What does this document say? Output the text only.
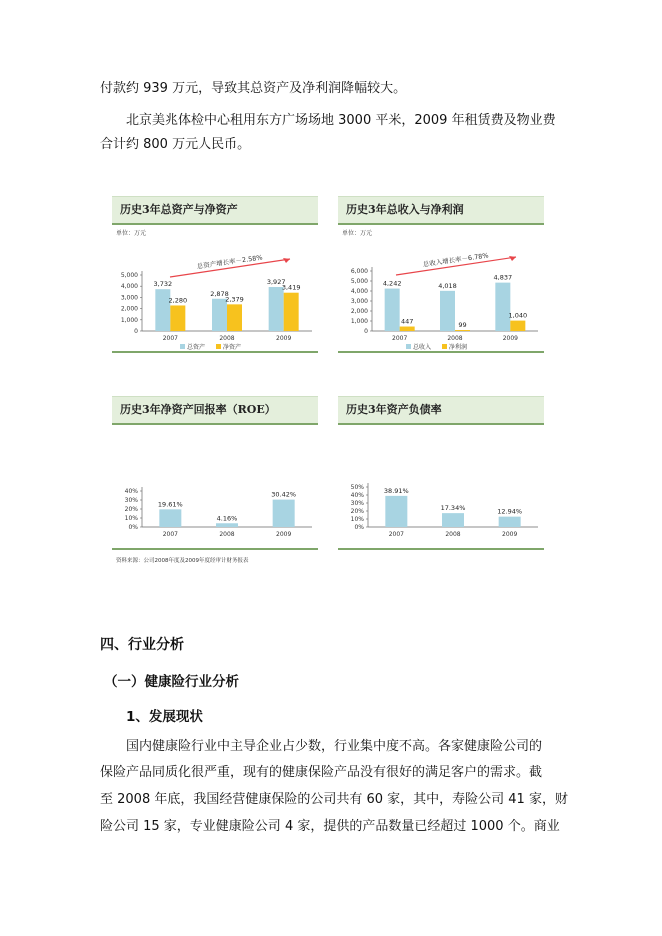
付款约 939 万元，导致其总资产及净利润降幅较大。

北京美兆体检中心租用东方广场场地 3000 平米，2009 年租赁费及物业费

合计约 800 万元人民币。

历史3年总资产与净资产
单位：万元
0
1,000
2,000
3,000
4,000
5,000
2007
3,732
2,280
2008
2,878
2,379
2009
3,927
3,419
总资产增长率－2.58%
总资产	净资产
历史3年总收入与净利润
单位：万元
0
1,000
2,000
3,000
4,000
5,000
6,000
2007
4,242
447
2008
4,018
99
2009
4,837
1,040
总收入增长率－6.78%
总收入	净利润
历史3年净资产回报率（ROE）
0%
10%
20%
30%
40%
2007
19.61%
2008
4.16%
2009
30.42%
历史3年资产负债率
0%
10%
20%
30%
40%
50%
2007
38.91%
2008
17.34%
2009
12.94%
资料来源：公司2008年度及2009年度经审计财务报表
四、行业分析
（一）健康险行业分析
1、发展现状

国内健康险行业中主导企业占少数，行业集中度不高。各家健康险公司的

保险产品同质化很严重，现有的健康保险产品没有很好的满足客户的需求。截

至 2008 年底，我国经营健康保险的公司共有 60 家，其中，寿险公司 41 家，财

险公司 15 家，专业健康险公司 4 家，提供的产品数量已经超过 1000 个。商业
